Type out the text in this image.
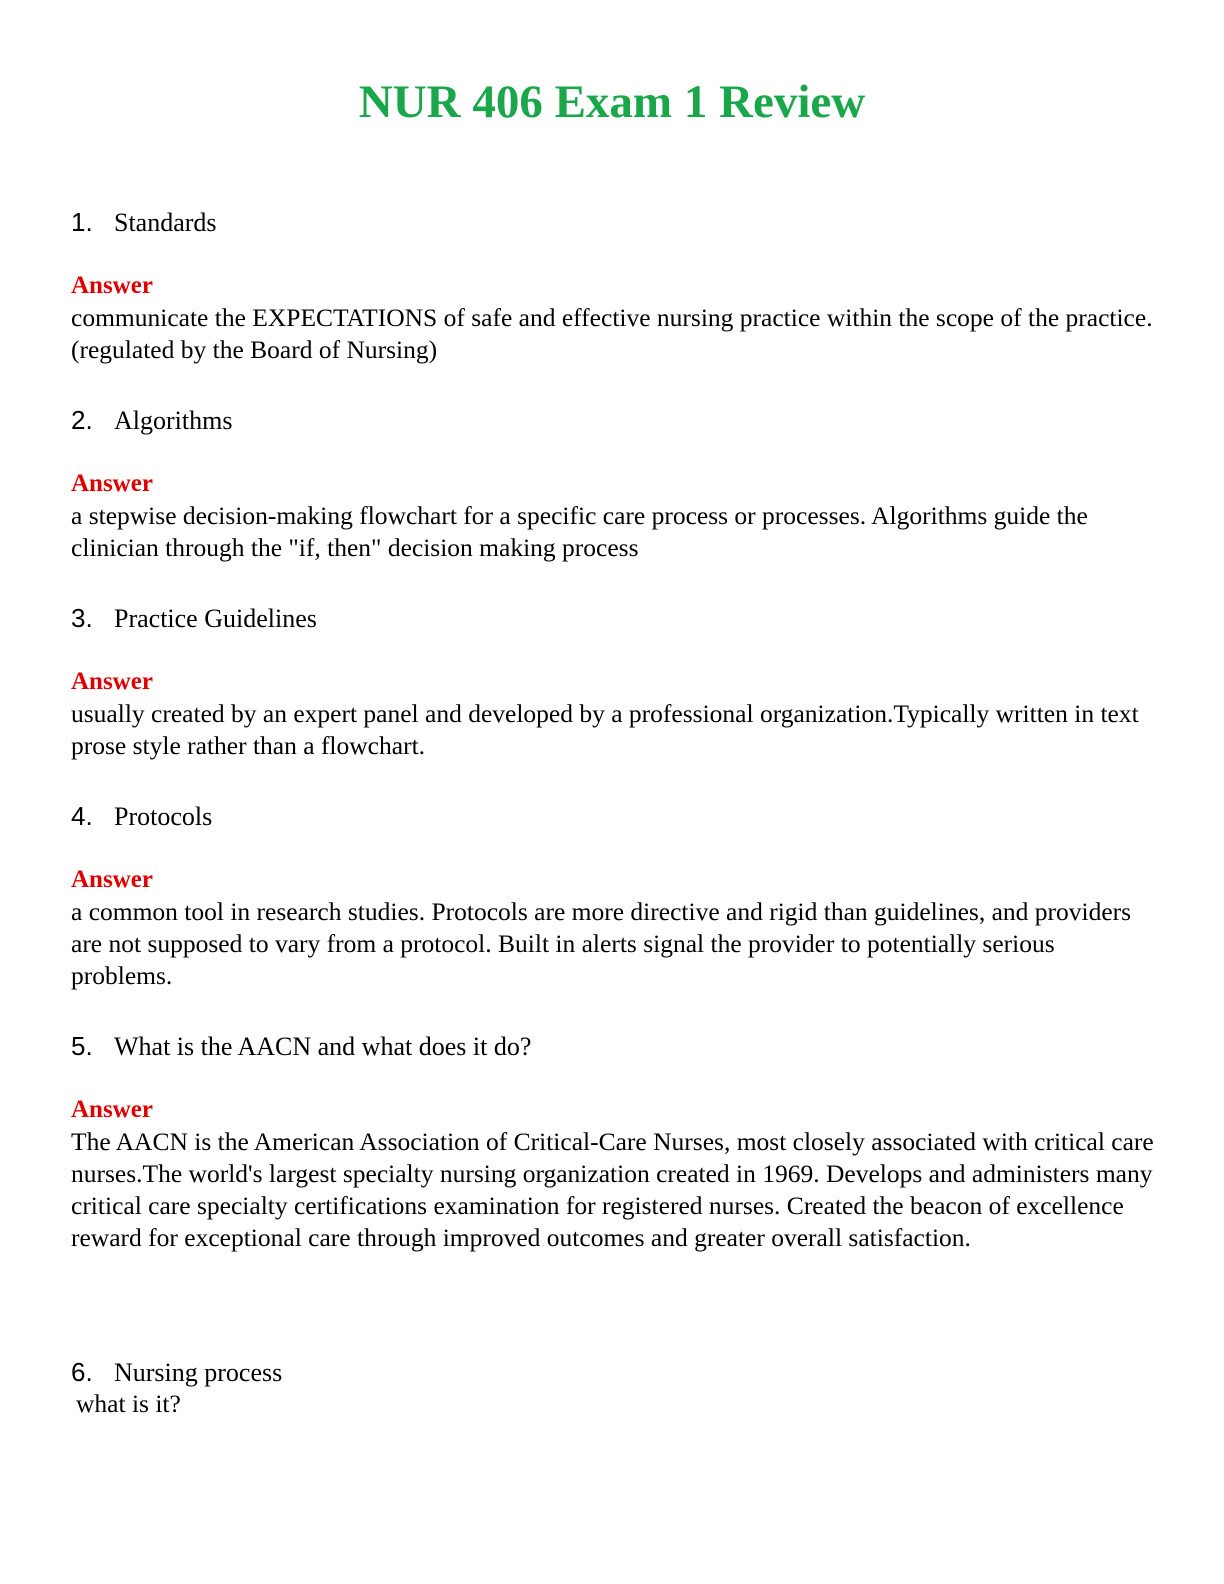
NUR 406 Exam 1 Review
1. Standards
Answer
communicate the EXPECTATIONS of safe and effective nursing practice within the scope of the practice. (regulated by the Board of Nursing)
2. Algorithms
Answer
a stepwise decision-making flowchart for a specific care process or processes. Algorithms guide the clinician through the "if, then" decision making process
3. Practice Guidelines
Answer
usually created by an expert panel and developed by a professional organization.Typically written in text prose style rather than a flowchart.
4. Protocols
Answer
a common tool in research studies. Protocols are more directive and rigid than guidelines, and providers are not supposed to vary from a protocol. Built in alerts signal the provider to potentially serious problems.
5. What is the AACN and what does it do?
Answer
The AACN is the American Association of Critical-Care Nurses, most closely associated with critical care nurses.The world's largest specialty nursing organization created in 1969. Develops and administers many critical care specialty certifications examination for registered nurses. Created the beacon of excellence reward for exceptional care through improved outcomes and greater overall satisfaction.
6. Nursing process
what is it?
